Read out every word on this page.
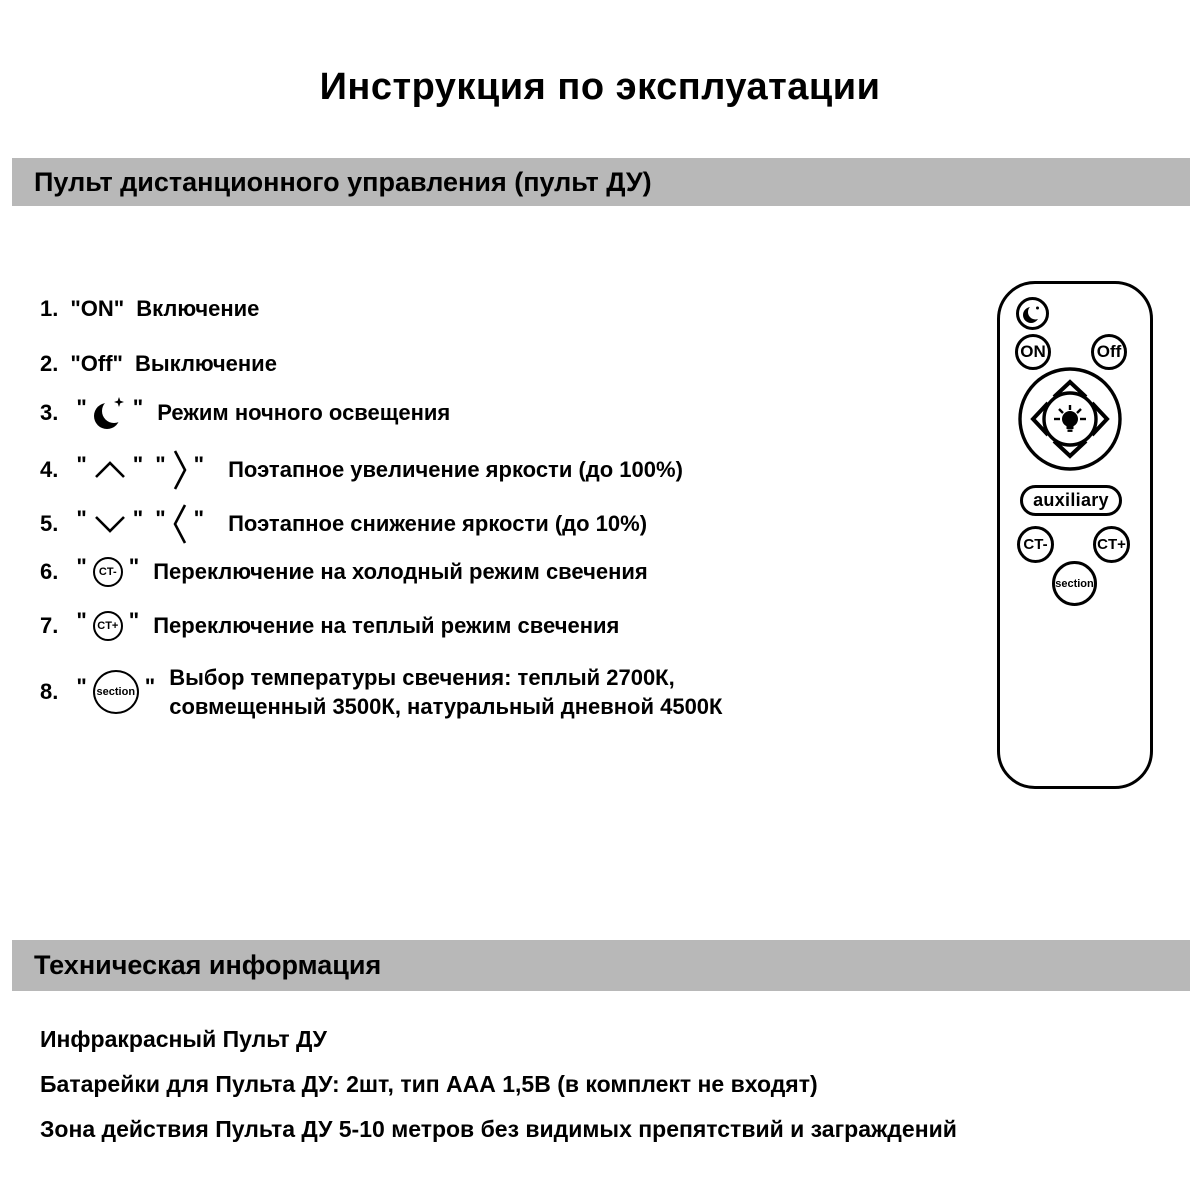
Инструкция по эксплуатации
Пульт дистанционного управления (пульт ДУ)
1. "ON" Включение
2. "Off" Выключение
3. " " Режим ночного освещения
4. " " " " Поэтапное увеличение яркости (до 100%)
5. " " " " Поэтапное снижение яркости (до 10%)
6. "	CT- " Переключение на холодный режим свечения
7. " CT+ " Переключение на теплый режим свечения
8. " section " Выбор температуры свечения: теплый 2700К,
совмещенный 3500К, натуральный дневной 4500К
ON	Off
auxiliary
CT-	CT+
section
Техническая информация
Инфракрасный Пульт ДУ
Батарейки для Пульта ДУ: 2шт, тип ААА 1,5В (в комплект не входят)
Зона действия Пульта ДУ 5-10 метров без видимых препятствий и заграждений
